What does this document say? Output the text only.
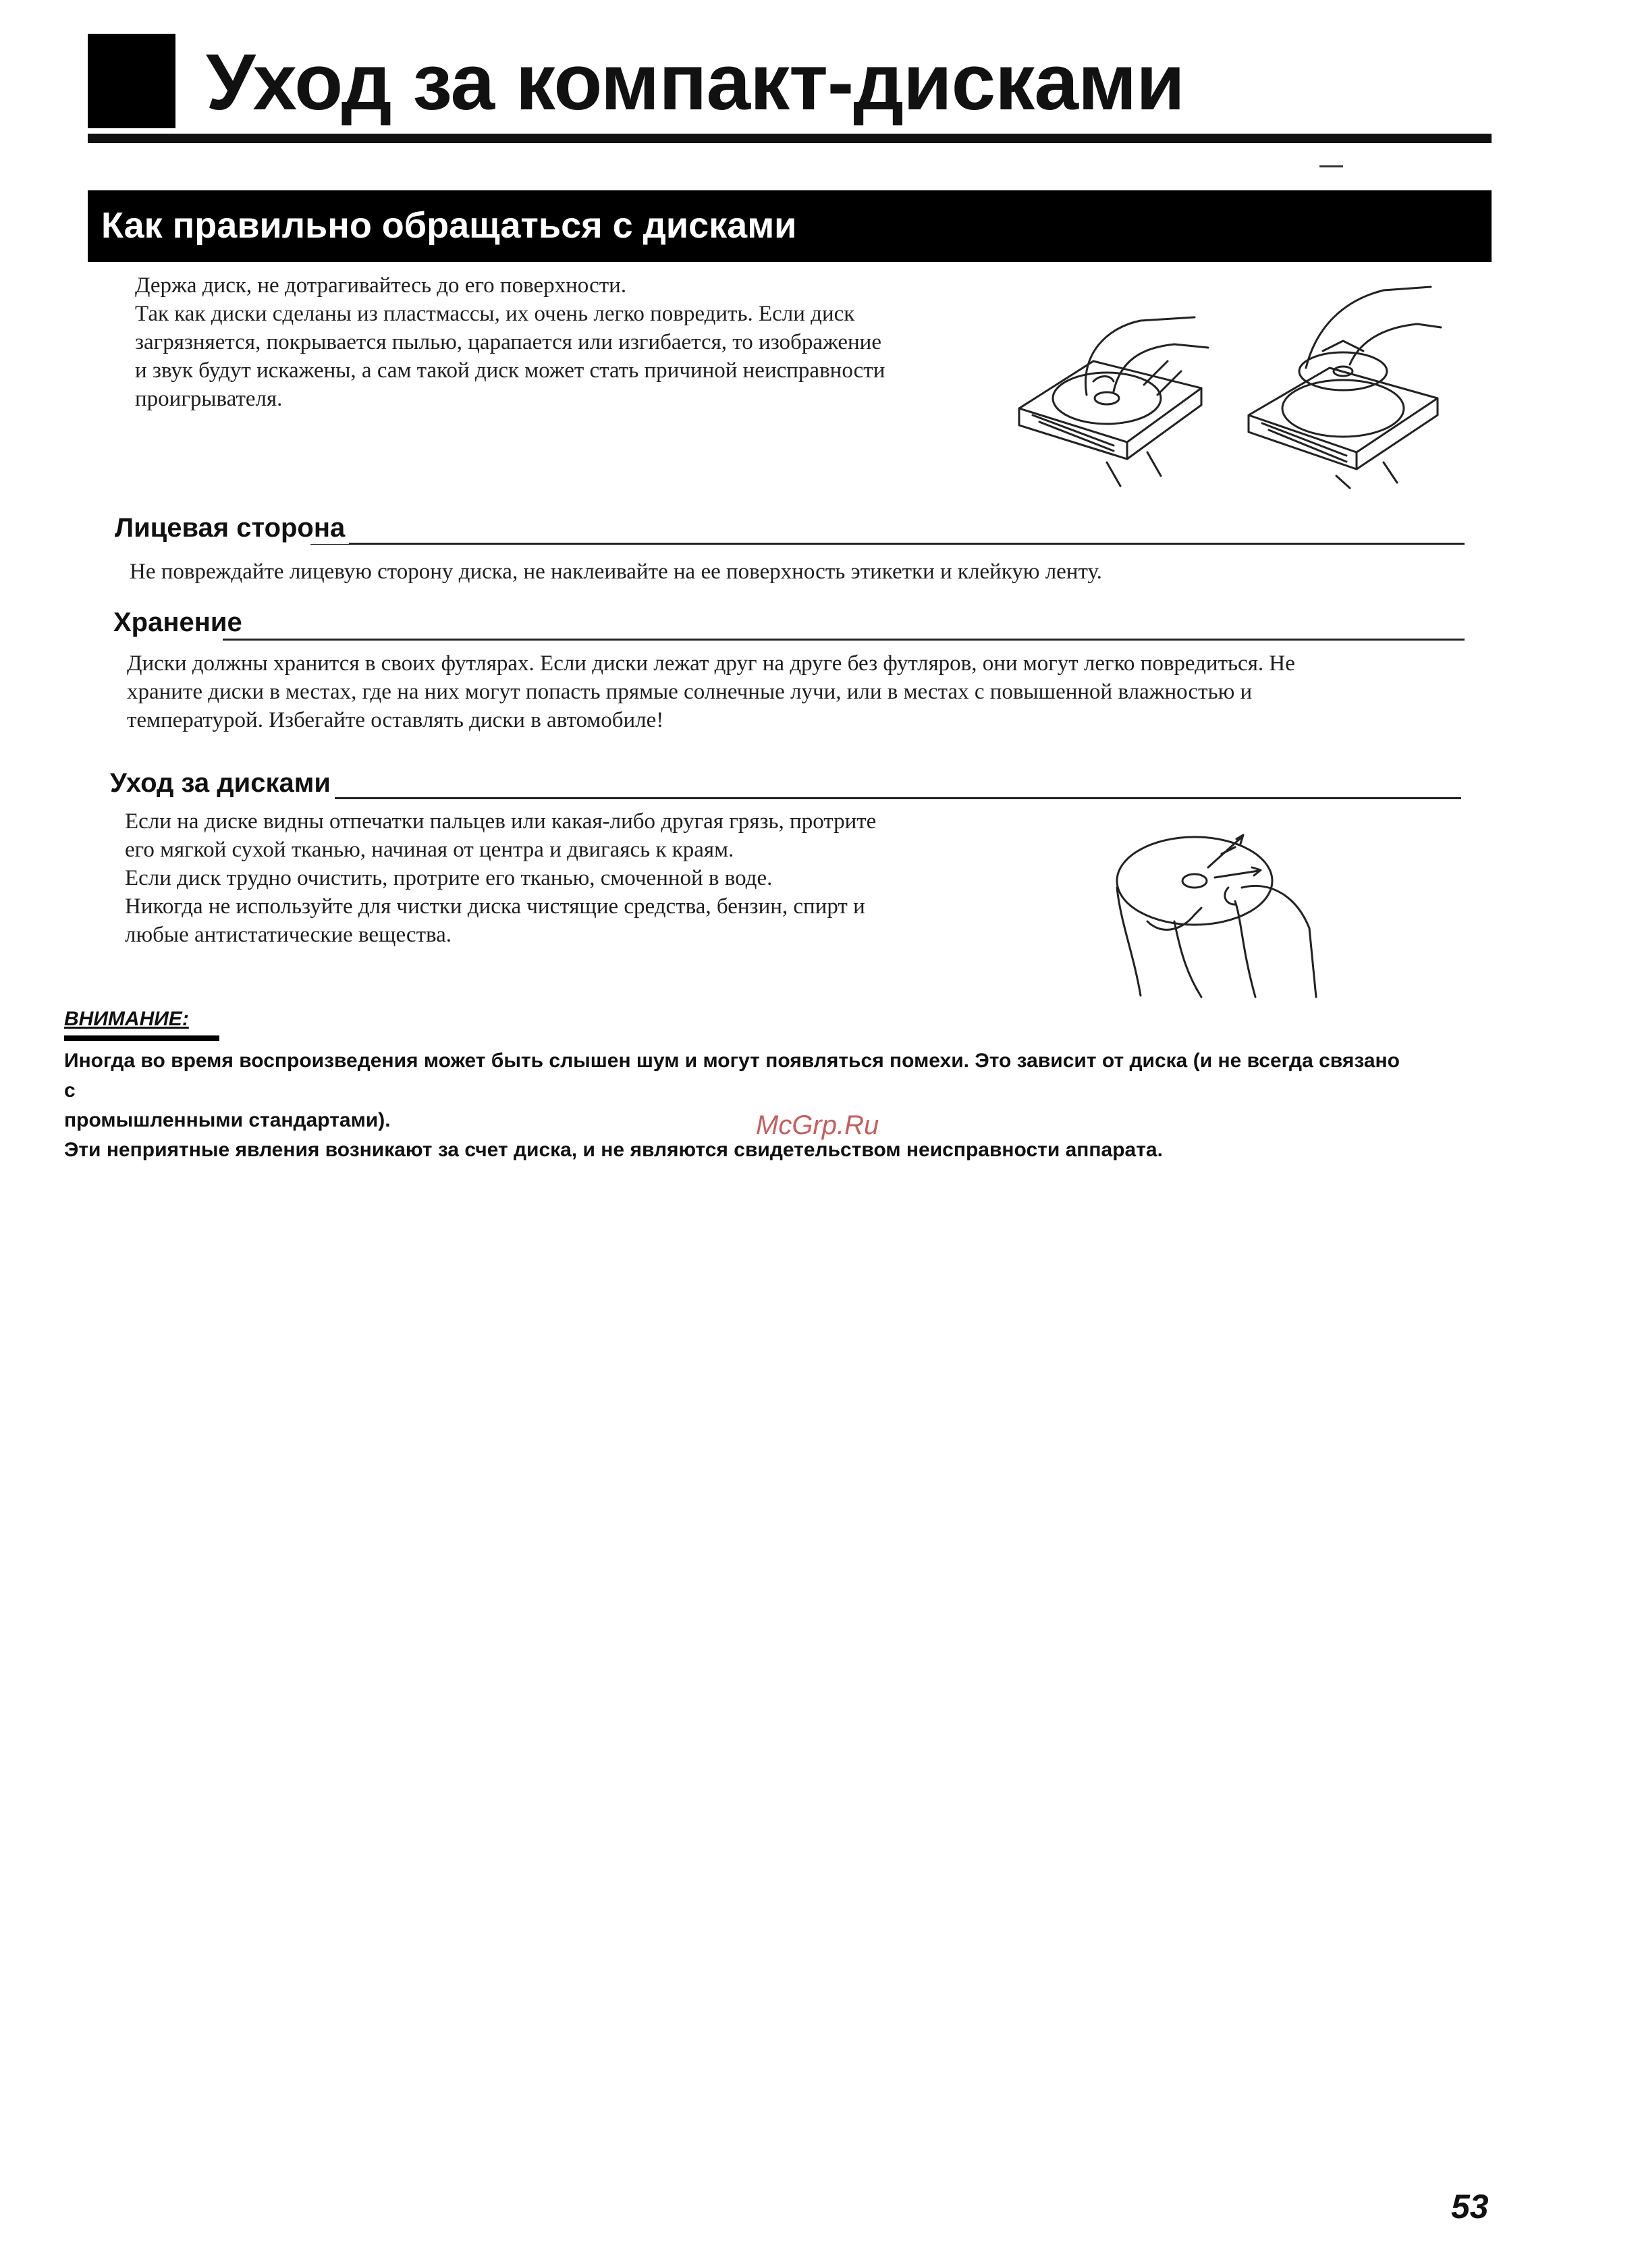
Уход за компакт-дисками
Как правильно обращаться с дисками

Держа диск, не дотрагивайтесь до его поверхности.

Так как диски сделаны из пластмассы, их очень легко повредить. Если диск

загрязняется, покрывается пылью, царапается или изгибается, то изображение

и звук будут искажены, а сам такой диск может стать причиной неисправности

проигрывателя.

Лицевая сторона

Не повреждайте лицевую сторону диска, не наклеивайте на ее поверхность этикетки и клейкую ленту.

Хранение

Диски должны хранится в своих футлярах. Если диски лежат друг на друге без футляров, они могут легко повредиться. Не

храните диски в местах, где на них могут попасть прямые солнечные лучи, или в местах с повышенной влажностью и

температурой. Избегайте оставлять диски в автомобиле!

Уход за дисками

Если на диске видны отпечатки пальцев или какая-либо другая грязь, протрите

его мягкой сухой тканью, начиная от центра и двигаясь к краям.

Если диск трудно очистить, протрите его тканью, смоченной в воде.

Никогда не используйте для чистки диска чистящие средства, бензин, спирт и

любые антистатические вещества.

ВНИМАНИЕ:

Иногда во время воспроизведения может быть слышен шум и могут появляться помехи. Это зависит от диска (и не всегда связано с

промышленными стандартами).

Эти неприятные явления возникают за счет диска, и не являются свидетельством неисправности аппарата.

McGrp.Ru
53
